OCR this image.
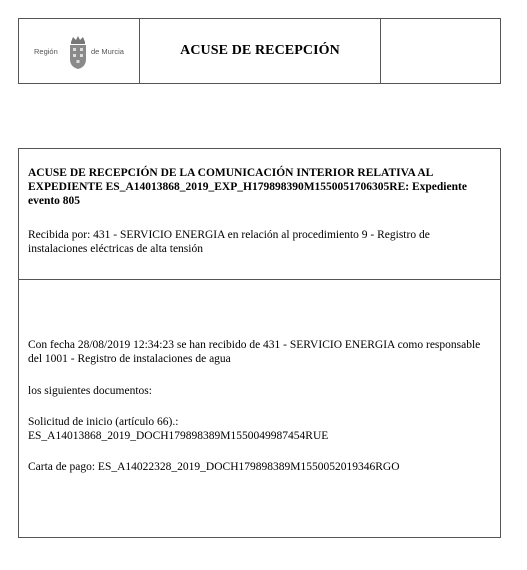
Región	de Murcia	ACUSE DE RECEPCIÓN

ACUSE DE RECEPCIÓN DE LA COMUNICACIÓN INTERIOR RELATIVA AL EXPEDIENTE ES_A14013868_2019_EXP_H179898390M1550051706305RE: Expediente evento 805

Recibida por: 431 - SERVICIO ENERGIA en relación al procedimiento 9 - Registro de instalaciones eléctricas de alta tensión

Con fecha 28/08/2019 12:34:23 se han recibido de 431 - SERVICIO ENERGIA como responsable del 1001 - Registro de instalaciones de agua

los siguientes documentos:

Solicitud de inicio (artículo 66).:
ES_A14013868_2019_DOCH179898389M1550049987454RUE

Carta de pago: ES_A14022328_2019_DOCH179898389M1550052019346RGO
